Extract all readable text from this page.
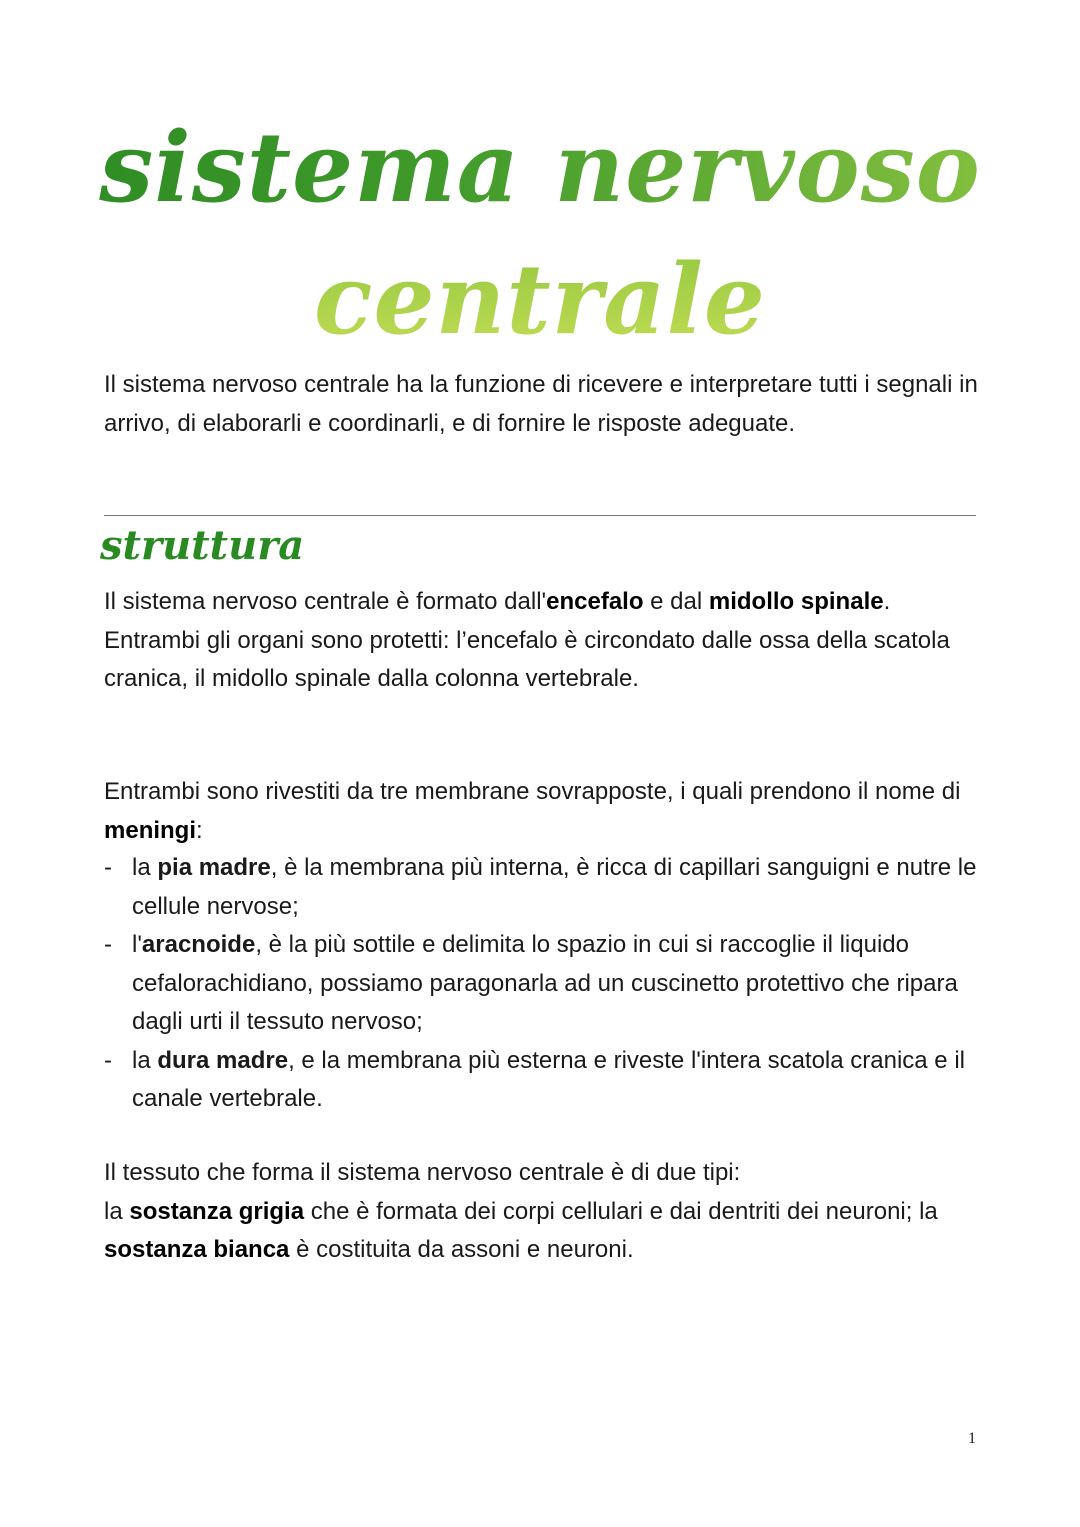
sistema nervoso
centrale

Il sistema nervoso centrale ha la funzione di ricevere e interpretare tutti i segnali in arrivo, di elaborarli e coordinarli, e di fornire le risposte adeguate.

struttura

Il sistema nervoso centrale è formato dall'encefalo e dal midollo spinale. Entrambi gli organi sono protetti: l’encefalo è circondato dalle ossa della scatola cranica, il midollo spinale dalla colonna vertebrale.

Entrambi sono rivestiti da tre membrane sovrapposte, i quali prendono il nome di meningi:

- la pia madre, è la membrana più interna, è ricca di capillari sanguigni e nutre le cellule nervose;
- l'aracnoide, è la più sottile e delimita lo spazio in cui si raccoglie il liquido cefalorachidiano, possiamo paragonarla ad un cuscinetto protettivo che ripara dagli urti il tessuto nervoso;
- la dura madre, e la membrana più esterna e riveste l'intera scatola cranica e il canale vertebrale.

Il tessuto che forma il sistema nervoso centrale è di due tipi:
la sostanza grigia che è formata dei corpi cellulari e dai dentriti dei neuroni; la sostanza bianca è costituita da assoni e neuroni.

1
